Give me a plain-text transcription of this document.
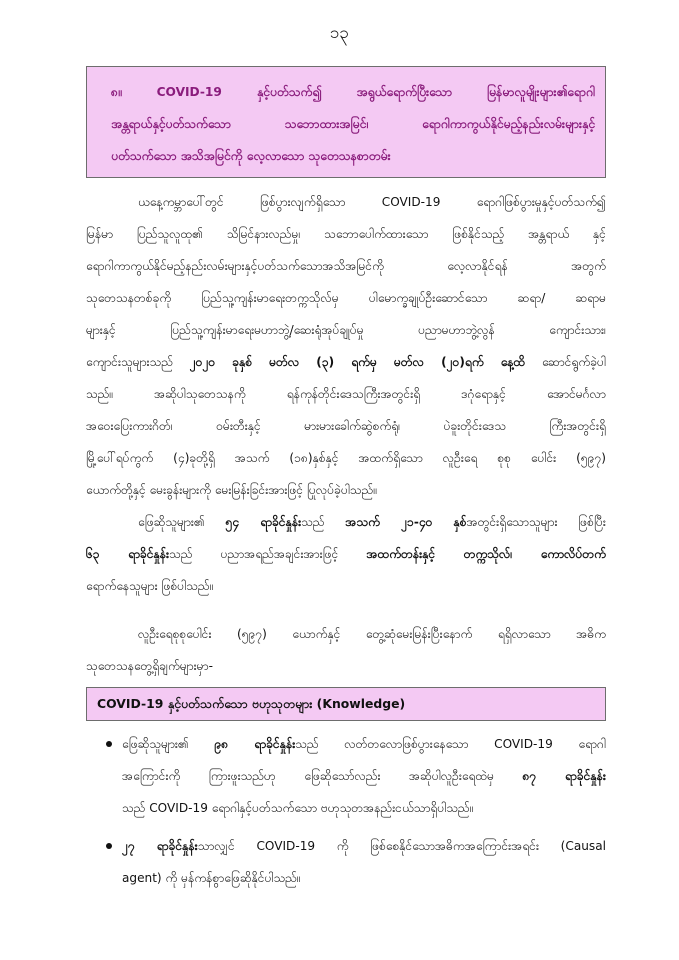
၁၃
၈။ COVID-19 နှင့်ပတ်သက်၍ အရွယ်ရောက်ပြီးသော မြန်မာလူမျိုးများ၏ရောဂါ
အန္တရာယ်နှင့်ပတ်သက်သော သဘောထားအမြင်၊ ရောဂါကာကွယ်နိုင်မည့်နည်းလမ်းများနှင့်
ပတ်သက်သော အသိအမြင်ကို လေ့လာသော သုတေသနစာတမ်း
ယနေ့ကမ္ဘာပေါ်တွင် ဖြစ်ပွားလျက်ရှိသော COVID-19 ရောဂါဖြစ်ပွားမှုနှင့်ပတ်သက်၍
မြန်မာ ပြည်သူလူထု၏ သိမြင်နားလည်မှု၊ သဘောပေါက်ထားသော ဖြစ်နိုင်သည့် အန္တရာယ် နှင့်
ရောဂါကာကွယ်နိုင်မည့်နည်းလမ်းများနှင့်ပတ်သက်သောအသိအမြင်ကို လေ့လာနိုင်ရန် အတွက်
သုတေသနတစ်ခုကို ပြည်သူ့ကျန်းမာရေးတက္ကသိုလ်မှ ပါမောက္ခချုပ်ဦးဆောင်သော ဆရာ/ ဆရာမ
များနှင့် ပြည်သူ့ကျန်းမာရေးမဟာဘွဲ့/ဆေးရုံအုပ်ချုပ်မှု ပညာမဟာဘွဲ့လွန် ကျောင်းသား၊
ကျောင်းသူများသည် ၂၀၂၀ ခုနှစ် မတ်လ (၃) ရက်မှ မတ်လ (၂၀)ရက် နေ့ထိ ဆောင်ရွက်ခဲ့ပါ
သည်။ အဆိုပါသုတေသနကို ရန်ကုန်တိုင်းဒေသကြီးအတွင်းရှိ ဒဂုံရောနှင့် အောင်မင်္ဂလာ
အဝေးပြေးကားဂိတ်၊ ဝမ်းတီးနှင့် မားမားခေါက်ဆွဲစက်ရုံ၊ ပဲခူးတိုင်းဒေသ ကြီးအတွင်းရှိ
မြို့ပေါ်ရပ်ကွက် (၄)ခုတို့ရှိ အသက် (၁၈)နှစ်နှင့် အထက်ရှိသော လူဦးရေ စုစု ပေါင်း (၅၉၇)
ယောက်တို့နှင့် မေးခွန်းများကို မေးမြန်းခြင်းအားဖြင့် ပြုလုပ်ခဲ့ပါသည်။
ဖြေဆိုသူများ၏ ၅၄ ရာခိုင်နှုန်းသည် အသက် ၂၁-၄၀ နှစ်အတွင်းရှိသောသူများ ဖြစ်ပြီး
၆၃ ရာခိုင်နှုန်းသည် ပညာအရည်အချင်းအားဖြင့် အထက်တန်းနှင့် တက္ကသိုလ်၊ ကောလိပ်တက်
ရောက်နေသူများ ဖြစ်ပါသည်။
လူဦးရေစုစုပေါင်း (၅၉၇) ယောက်နှင့် တွေ့ဆုံမေးမြန်းပြီးနောက် ရရှိလာသော အဓိက
သုတေသနတွေ့ရှိချက်များမှာ-
COVID-19 နှင့်ပတ်သက်သော ဗဟုသုတများ (Knowledge)
ဖြေဆိုသူများ၏ ၉၈ ရာခိုင်နှုန်းသည် လတ်တလောဖြစ်ပွားနေသော COVID-19 ရောဂါ
အကြောင်းကို ကြားဖူးသည်ဟု ဖြေဆိုသော်လည်း အဆိုပါလူဦးရေထဲမှ ၈၇ ရာခိုင်နှုန်း
သည် COVID-19 ရောဂါနှင့်ပတ်သက်သော ဗဟုသုတအနည်းငယ်သာရှိပါသည်။
၂၇ ရာခိုင်နှုန်းသာလျှင် COVID-19 ကို ဖြစ်စေနိုင်သောအဓိကအကြောင်းအရင်း (Causal
agent) ကို မှန်ကန်စွာဖြေဆိုနိုင်ပါသည်။
